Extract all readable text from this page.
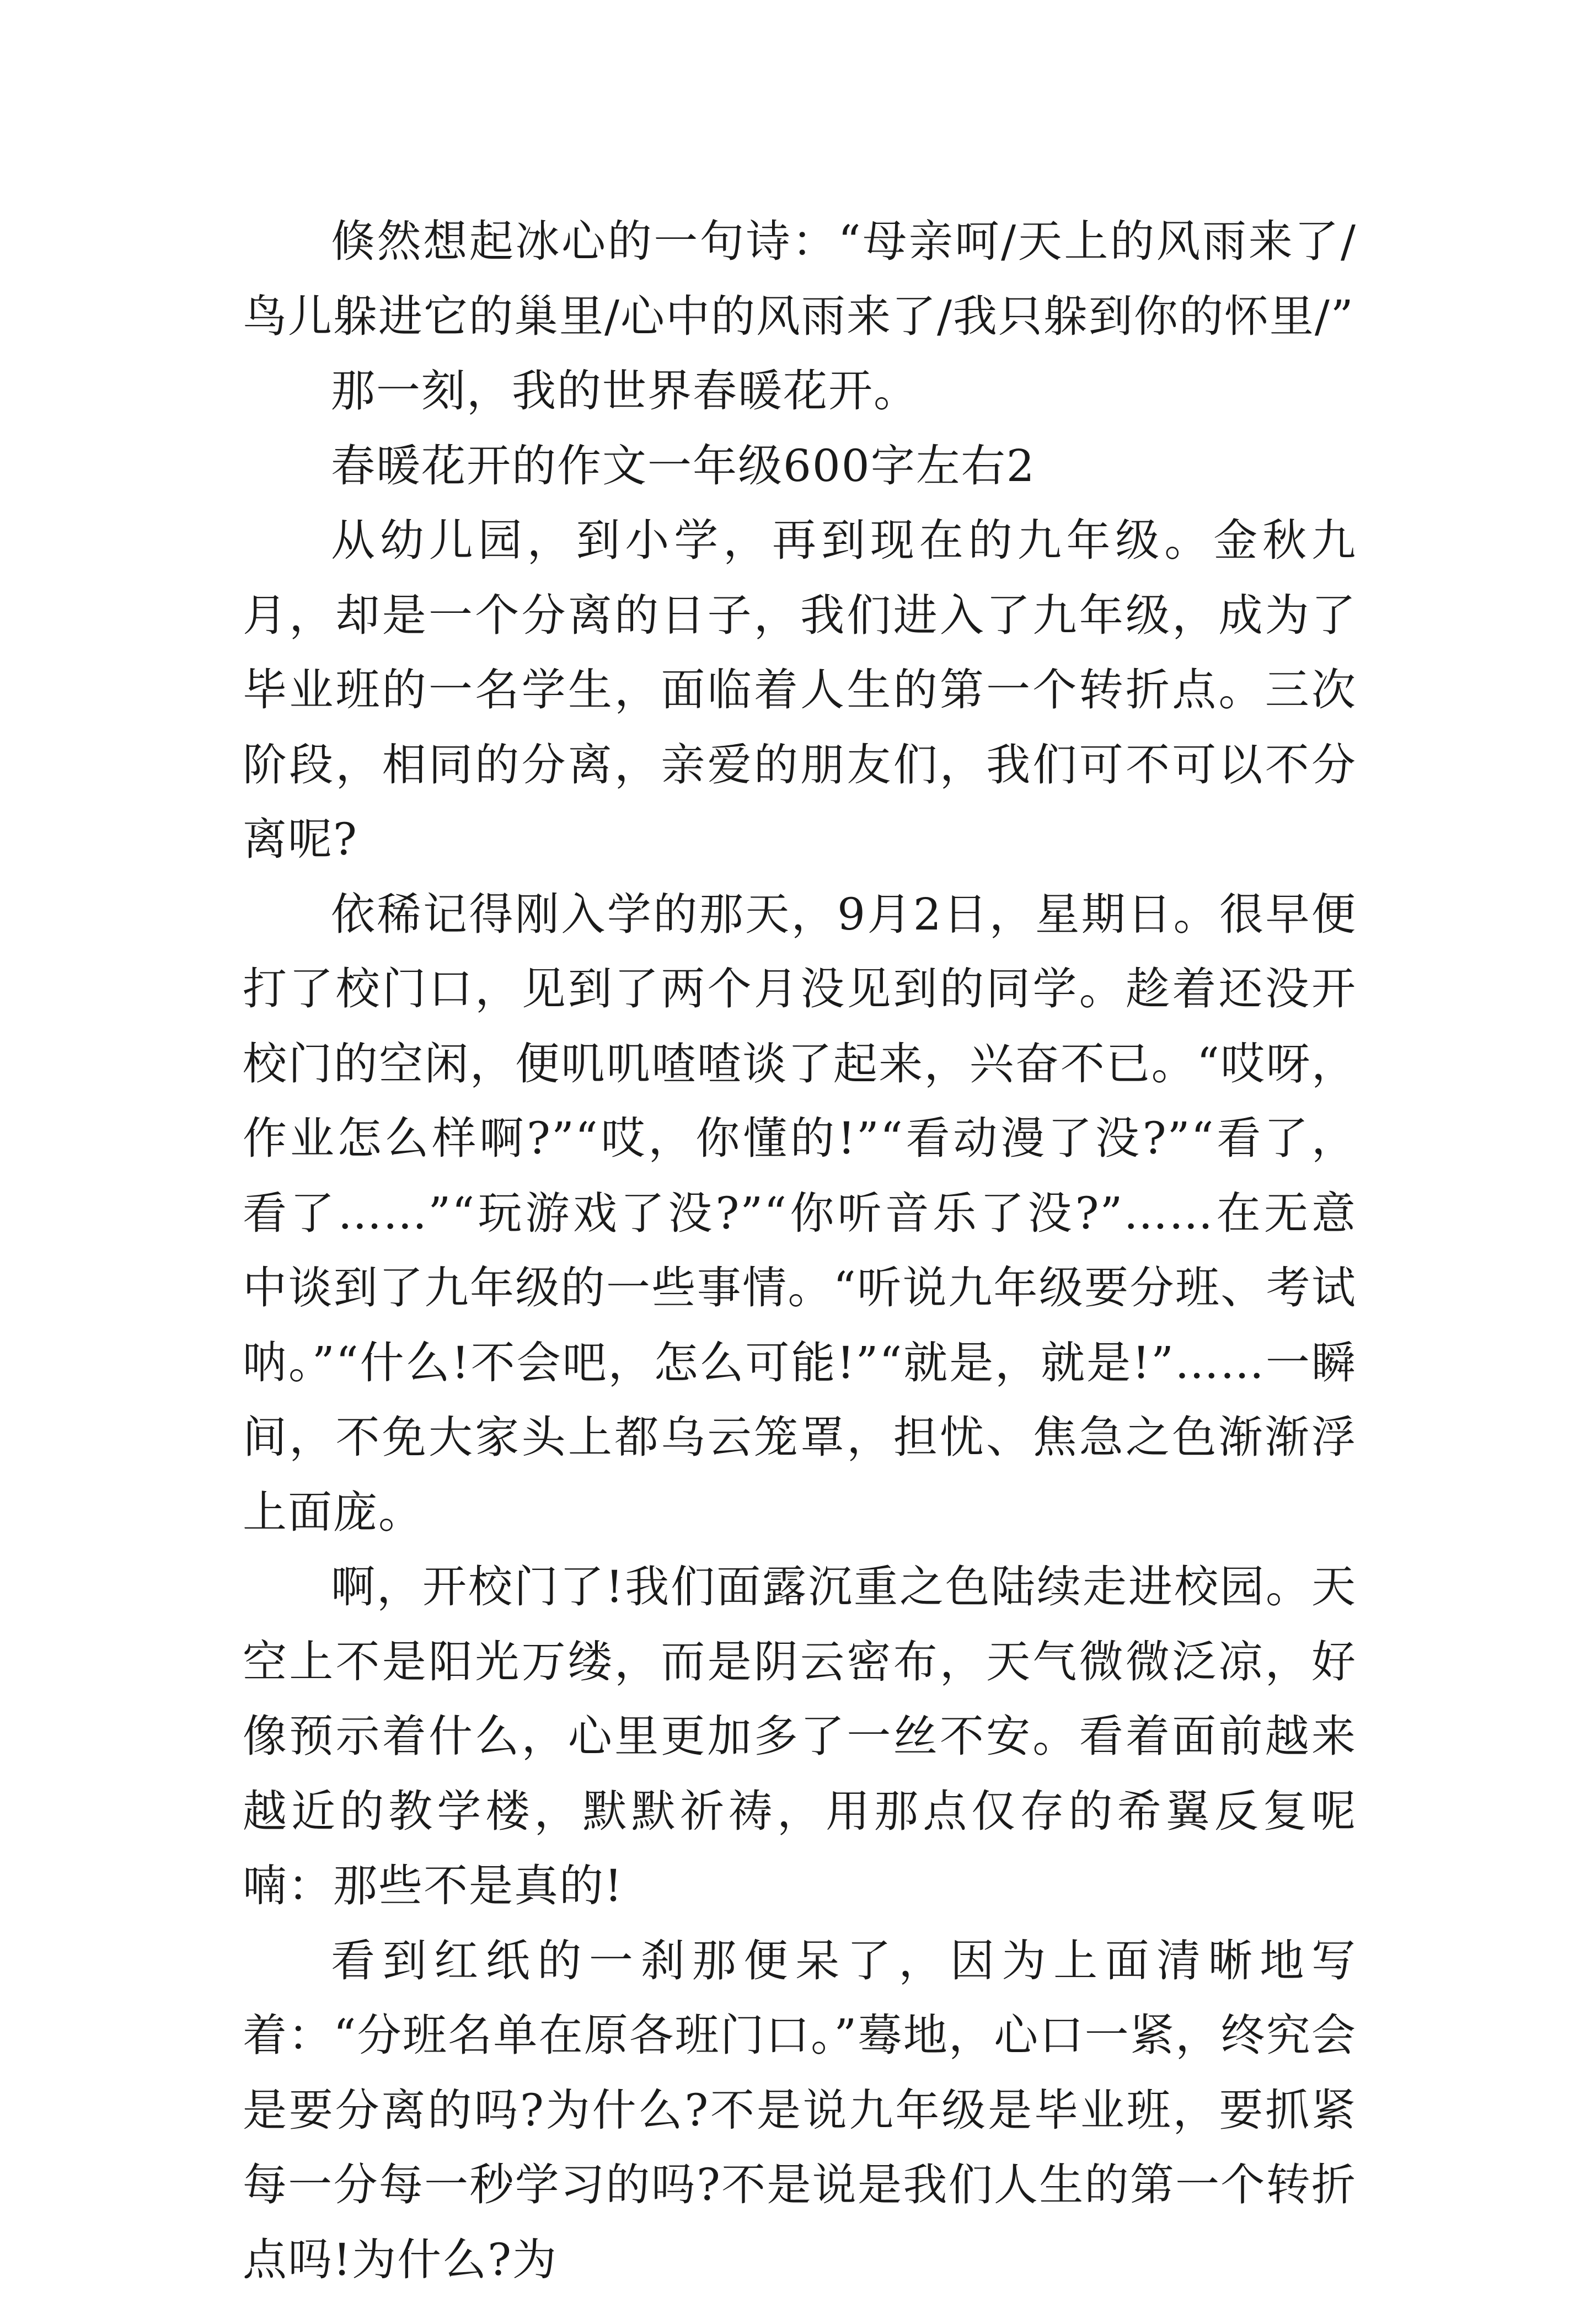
倏然想起冰心的一句诗：“母亲呵/天上的风雨来了/鸟儿躲进它的巢里/心中的风雨来了/我只躲到你的怀里/”

那一刻，我的世界春暖花开。

春暖花开的作文一年级600字左右2

从幼儿园，到小学，再到现在的九年级。金秋九月，却是一个分离的日子，我们进入了九年级，成为了毕业班的一名学生，面临着人生的第一个转折点。三次阶段，相同的分离，亲爱的朋友们，我们可不可以不分离呢?

依稀记得刚入学的那天，9月2日，星期日。很早便打了校门口，见到了两个月没见到的同学。趁着还没开校门的空闲，便叽叽喳喳谈了起来，兴奋不已。“哎呀，作业怎么样啊?”“哎，你懂的!”“看动漫了没?”“看了，看了……”“玩游戏了没?”“你听音乐了没?”……在无意中谈到了九年级的一些事情。“听说九年级要分班、考试呐。”“什么!不会吧，怎么可能!”“就是，就是!”……一瞬间，不免大家头上都乌云笼罩，担忧、焦急之色渐渐浮上面庞。

啊，开校门了!我们面露沉重之色陆续走进校园。天空上不是阳光万缕，而是阴云密布，天气微微泛凉，好像预示着什么，心里更加多了一丝不安。看着面前越来越近的教学楼，默默祈祷，用那点仅存的希翼反复呢喃：那些不是真的!

看到红纸的一刹那便呆了，因为上面清晰地写着：“分班名单在原各班门口。”蓦地，心口一紧，终究会是要分离的吗?为什么?不是说九年级是毕业班，要抓紧每一分每一秒学习的吗?不是说是我们人生的第一个转折点吗!为什么?为
